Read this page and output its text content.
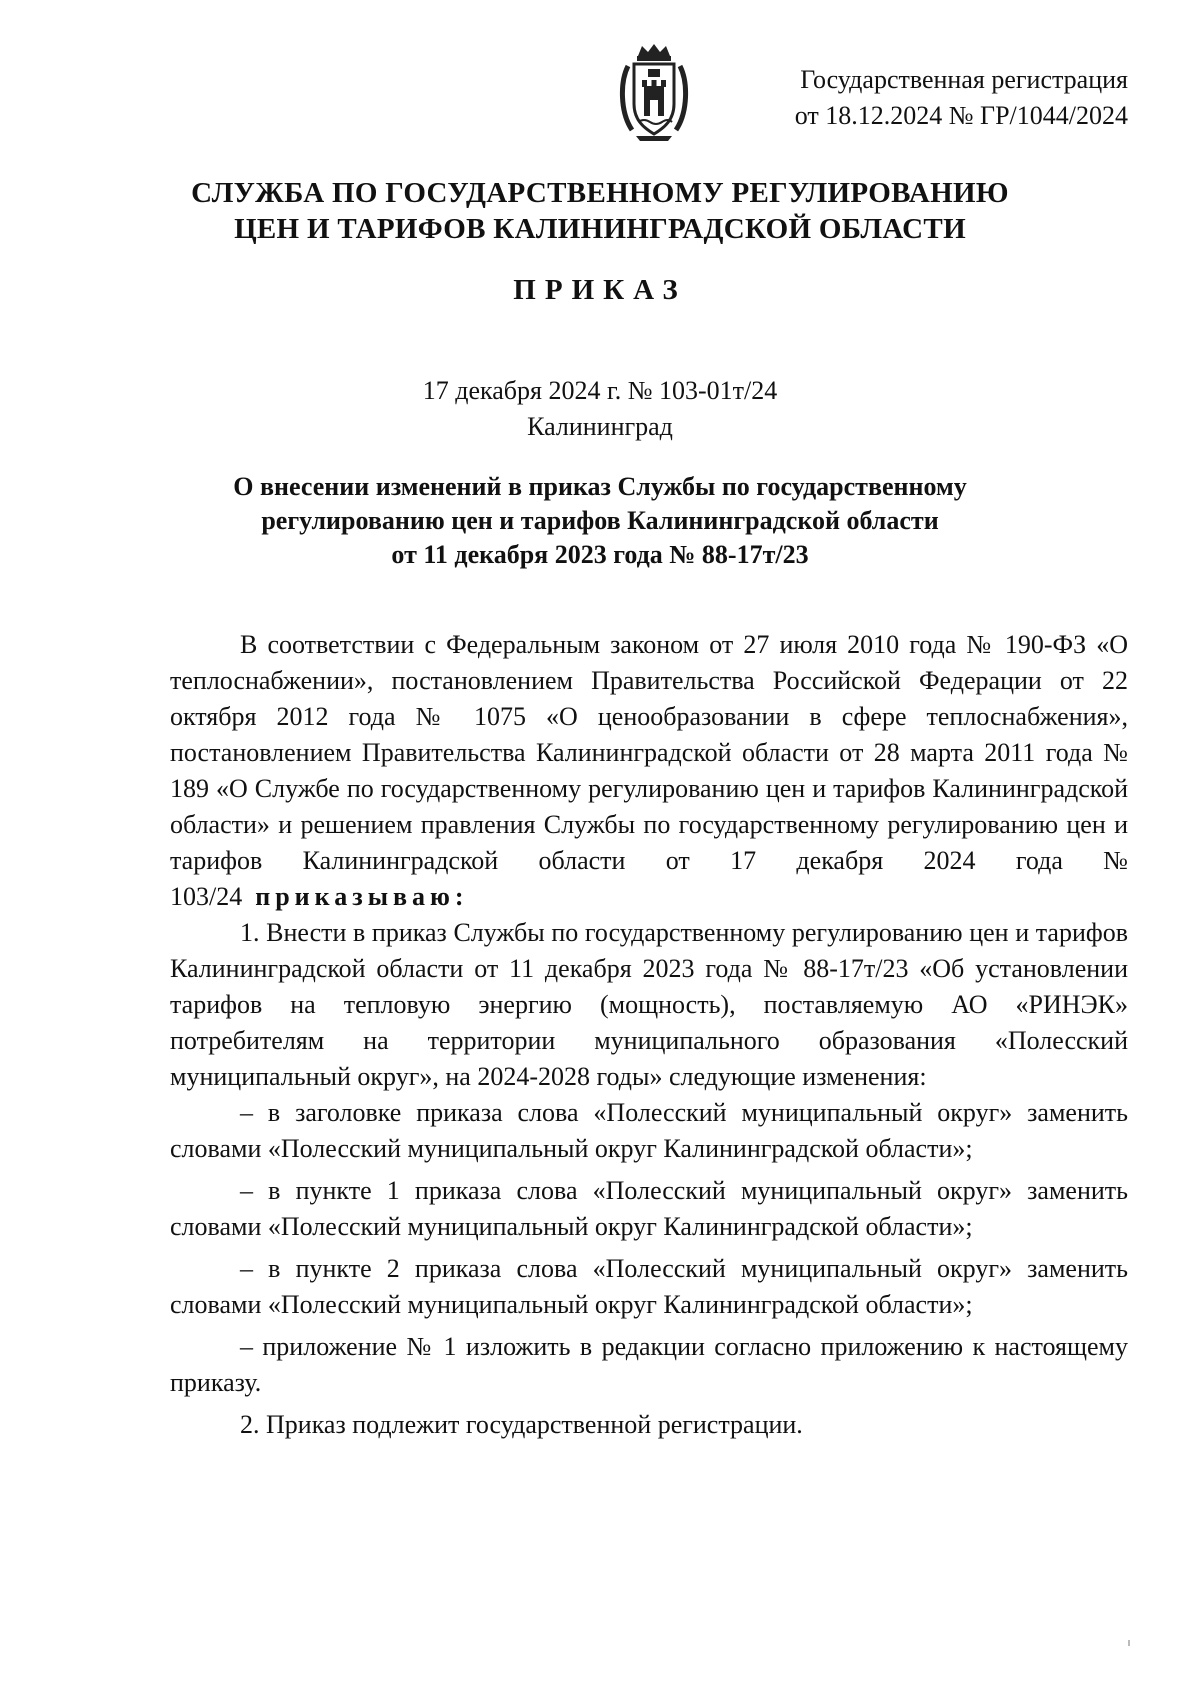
Государственная регистрация
от 18.12.2024 № ГР/1044/2024
СЛУЖБА ПО ГОСУДАРСТВЕННОМУ РЕГУЛИРОВАНИЮ
ЦЕН И ТАРИФОВ КАЛИНИНГРАДСКОЙ ОБЛАСТИ
ПРИКАЗ
17 декабря 2024 г. № 103-01т/24
Калининград
О внесении изменений в приказ Службы по государственному
регулированию цен и тарифов Калининградской области
от 11 декабря 2023 года № 88-17т/23

В соответствии с Федеральным законом от 27 июля 2010 года № 190-ФЗ «О теплоснабжении», постановлением Правительства Российской Федерации от 22 октября 2012 года № 1075 «О ценообразовании в сфере теплоснабжения», постановлением Правительства Калининградской области от 28 марта 2011 года № 189 «О Службе по государственному регулированию цен и тарифов Калининградской области» и решением правления Службы по государственному регулированию цен и тарифов Калининградской области от 17 декабря 2024 года № 103/24 приказываю:

1. Внести в приказ Службы по государственному регулированию цен и тарифов Калининградской области от 11 декабря 2023 года № 88-17т/23 «Об установлении тарифов на тепловую энергию (мощность), поставляемую АО «РИНЭК» потребителям на территории муниципального образования «Полесский муниципальный округ», на 2024-2028 годы» следующие изменения:

– в заголовке приказа слова «Полесский муниципальный округ» заменить словами «Полесский муниципальный округ Калининградской области»;

– в пункте 1 приказа слова «Полесский муниципальный округ» заменить словами «Полесский муниципальный округ Калининградской области»;

– в пункте 2 приказа слова «Полесский муниципальный округ» заменить словами «Полесский муниципальный округ Калининградской области»;

– приложение № 1 изложить в редакции согласно приложению к настоящему приказу.

2. Приказ подлежит государственной регистрации.
